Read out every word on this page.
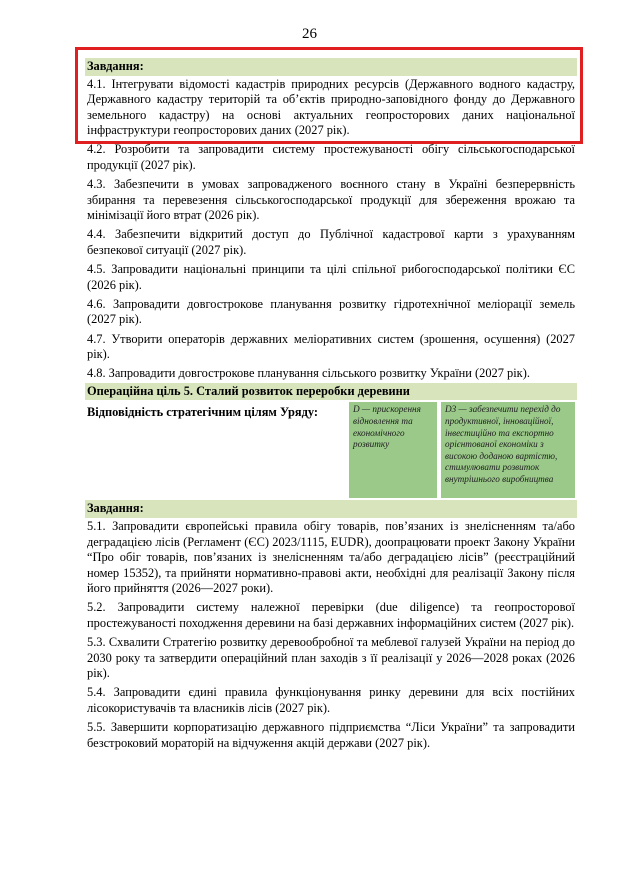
26
Завдання:
4.1. Інтегрувати відомості кадастрів природних ресурсів (Державного водного кадастру, Державного кадастру територій та об’єктів природно-заповідного фонду до Державного земельного кадастру) на основі актуальних геопросторових даних національної інфраструктури геопросторових даних (2027 рік).
4.2. Розробити та запровадити систему простежуваності обігу сільськогосподарської продукції (2027 рік).
4.3. Забезпечити в умовах запровадженого воєнного стану в Україні безперервність збирання та перевезення сільськогосподарської продукції для збереження врожаю та мінімізації його втрат (2026 рік).
4.4. Забезпечити відкритий доступ до Публічної кадастрової карти з урахуванням безпекової ситуації (2027 рік).
4.5. Запровадити національні принципи та цілі спільної рибогосподарської політики ЄС (2026 рік).
4.6. Запровадити довгострокове планування розвитку гідротехнічної меліорації земель (2027 рік).
4.7. Утворити операторів державних меліоративних систем (зрошення, осушення) (2027 рік).
4.8. Запровадити довгострокове планування сільського розвитку України (2027 рік).
Операційна ціль 5. Сталий розвиток переробки деревини
Відповідність стратегічним цілям Уряду:	D — прискорення відновлення та економічного розвитку
D3 — забезпечити перехід до продуктивної, інноваційної, інвестиційно та експортно орієнтованої економіки з високою доданою вартістю, стимулювати розвиток внутрішнього виробництва
Завдання:
5.1. Запровадити європейські правила обігу товарів, пов’язаних із знелісненням та/або деградацією лісів (Регламент (ЄС) 2023/1115, EUDR), доопрацювати проект Закону України “Про обіг товарів, пов’язаних із знелісненням та/або деградацією лісів” (реєстраційний номер 15352), та прийняти нормативно-правові акти, необхідні для реалізації Закону після його прийняття (2026—2027 роки).
5.2. Запровадити систему належної перевірки (due diligence) та геопросторової простежуваності походження деревини на базі державних інформаційних систем (2027 рік).
5.3. Схвалити Стратегію розвитку деревообробної та меблевої галузей України на період до 2030 року та затвердити операційний план заходів з її реалізації у 2026—2028 роках (2026 рік).
5.4. Запровадити єдині правила функціонування ринку деревини для всіх постійних лісокористувачів та власників лісів (2027 рік).
5.5. Завершити корпоратизацію державного підприємства “Ліси України” та запровадити безстроковий мораторій на відчуження акцій держави (2027 рік).
